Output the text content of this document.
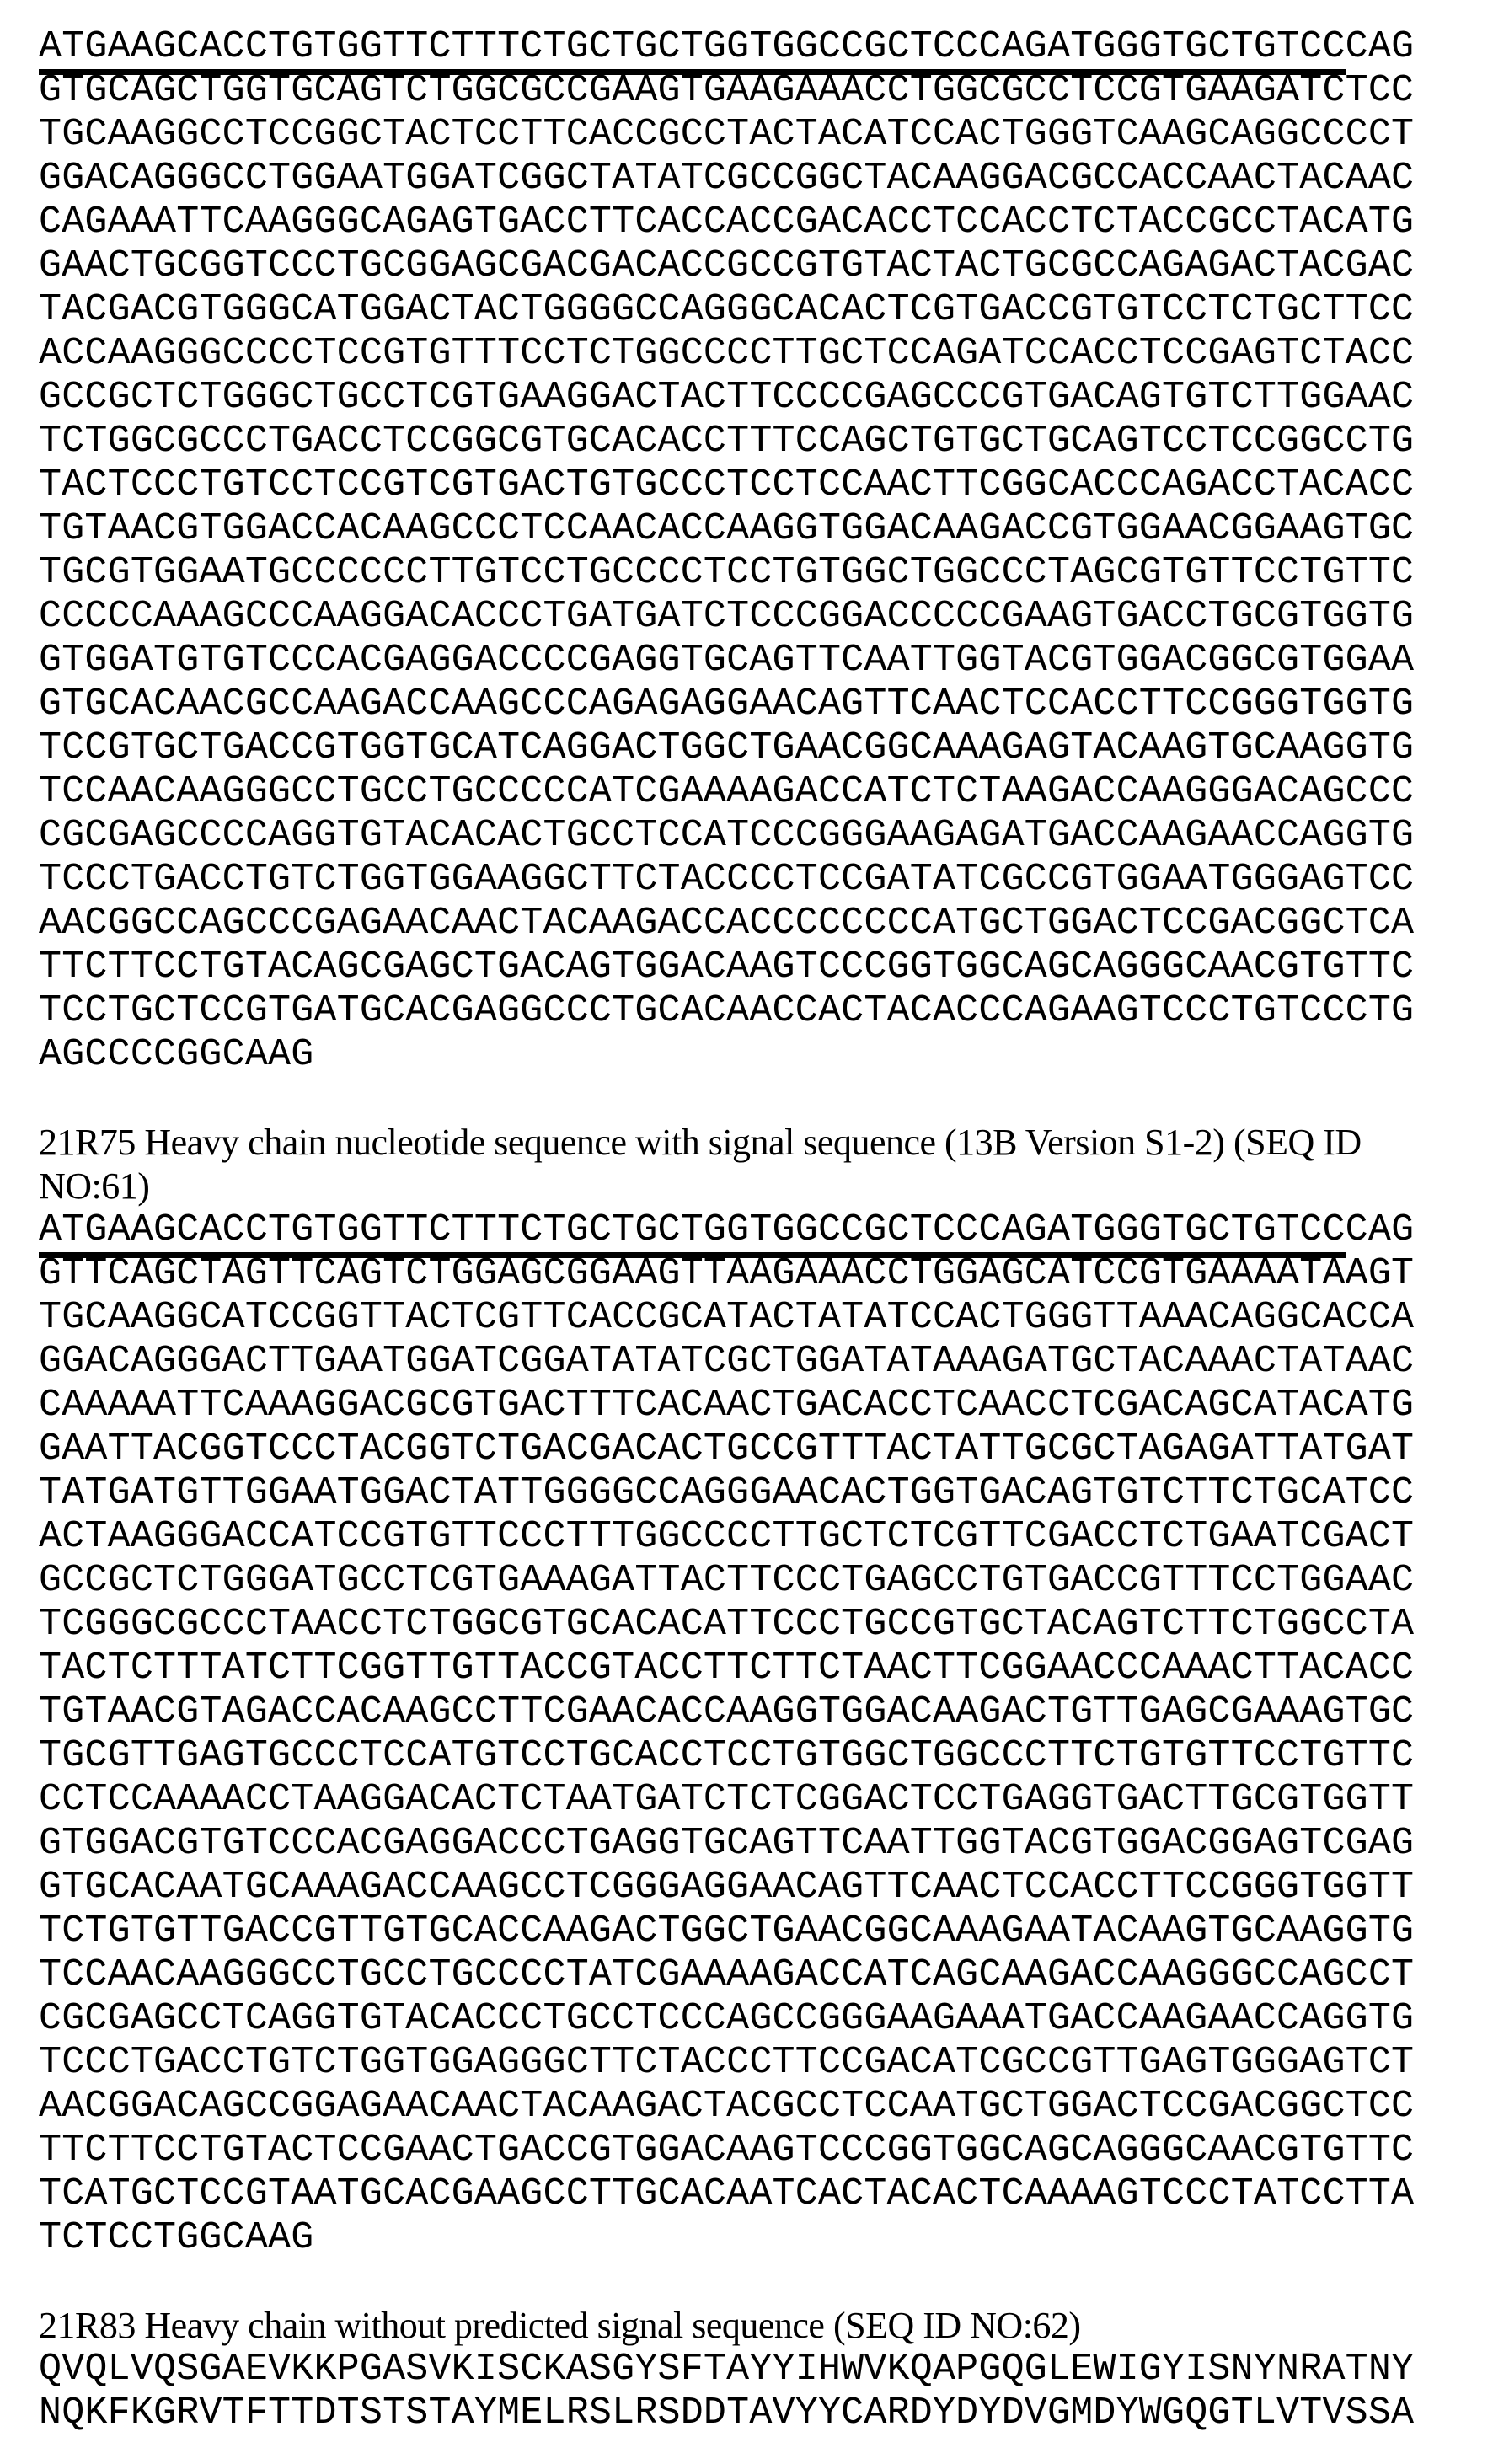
ATGAAGCACCTGTGGTTCTTTCTGCTGCTGGTGGCCGCTCCCAGATGGGTGCTGTCCCAG
GTGCAGCTGGTGCAGTCTGGCGCCGAAGTGAAGAAACCTGGCGCCTCCGTGAAGATCTCC
TGCAAGGCCTCCGGCTACTCCTTCACCGCCTACTACATCCACTGGGTCAAGCAGGCCCCT
GGACAGGGCCTGGAATGGATCGGCTATATCGCCGGCTACAAGGACGCCACCAACTACAAC
CAGAAATTCAAGGGCAGAGTGACCTTCACCACCGACACCTCCACCTCTACCGCCTACATG
GAACTGCGGTCCCTGCGGAGCGACGACACCGCCGTGTACTACTGCGCCAGAGACTACGAC
TACGACGTGGGCATGGACTACTGGGGCCAGGGCACACTCGTGACCGTGTCCTCTGCTTCC
ACCAAGGGCCCCTCCGTGTTTCCTCTGGCCCCTTGCTCCAGATCCACCTCCGAGTCTACC
GCCGCTCTGGGCTGCCTCGTGAAGGACTACTTCCCCGAGCCCGTGACAGTGTCTTGGAAC
TCTGGCGCCCTGACCTCCGGCGTGCACACCTTTCCAGCTGTGCTGCAGTCCTCCGGCCTG
TACTCCCTGTCCTCCGTCGTGACTGTGCCCTCCTCCAACTTCGGCACCCAGACCTACACC
TGTAACGTGGACCACAAGCCCTCCAACACCAAGGTGGACAAGACCGTGGAACGGAAGTGC
TGCGTGGAATGCCCCCCTTGTCCTGCCCCTCCTGTGGCTGGCCCTAGCGTGTTCCTGTTC
CCCCCAAAGCCCAAGGACACCCTGATGATCTCCCGGACCCCCGAAGTGACCTGCGTGGTG
GTGGATGTGTCCCACGAGGACCCCGAGGTGCAGTTCAATTGGTACGTGGACGGCGTGGAA
GTGCACAACGCCAAGACCAAGCCCAGAGAGGAACAGTTCAACTCCACCTTCCGGGTGGTG
TCCGTGCTGACCGTGGTGCATCAGGACTGGCTGAACGGCAAAGAGTACAAGTGCAAGGTG
TCCAACAAGGGCCTGCCTGCCCCCATCGAAAAGACCATCTCTAAGACCAAGGGACAGCCC
CGCGAGCCCCAGGTGTACACACTGCCTCCATCCCGGGAAGAGATGACCAAGAACCAGGTG
TCCCTGACCTGTCTGGTGGAAGGCTTCTACCCCTCCGATATCGCCGTGGAATGGGAGTCC
AACGGCCAGCCCGAGAACAACTACAAGACCACCCCCCCCATGCTGGACTCCGACGGCTCA
TTCTTCCTGTACAGCGAGCTGACAGTGGACAAGTCCCGGTGGCAGCAGGGCAACGTGTTC
TCCTGCTCCGTGATGCACGAGGCCCTGCACAACCACTACACCCAGAAGTCCCTGTCCCTG
AGCCCCGGCAAG
21R75 Heavy chain nucleotide sequence with signal sequence (13B Version S1-2) (SEQ ID
NO:61)
ATGAAGCACCTGTGGTTCTTTCTGCTGCTGGTGGCCGCTCCCAGATGGGTGCTGTCCCAG
GTTCAGCTAGTTCAGTCTGGAGCGGAAGTTAAGAAACCTGGAGCATCCGTGAAAATAAGT
TGCAAGGCATCCGGTTACTCGTTCACCGCATACTATATCCACTGGGTTAAACAGGCACCA
GGACAGGGACTTGAATGGATCGGATATATCGCTGGATATAAAGATGCTACAAACTATAAC
CAAAAATTCAAAGGACGCGTGACTTTCACAACTGACACCTCAACCTCGACAGCATACATG
GAATTACGGTCCCTACGGTCTGACGACACTGCCGTTTACTATTGCGCTAGAGATTATGAT
TATGATGTTGGAATGGACTATTGGGGCCAGGGAACACTGGTGACAGTGTCTTCTGCATCC
ACTAAGGGACCATCCGTGTTCCCTTTGGCCCCTTGCTCTCGTTCGACCTCTGAATCGACT
GCCGCTCTGGGATGCCTCGTGAAAGATTACTTCCCTGAGCCTGTGACCGTTTCCTGGAAC
TCGGGCGCCCTAACCTCTGGCGTGCACACATTCCCTGCCGTGCTACAGTCTTCTGGCCTA
TACTCTTTATCTTCGGTTGTTACCGTACCTTCTTCTAACTTCGGAACCCAAACTTACACC
TGTAACGTAGACCACAAGCCTTCGAACACCAAGGTGGACAAGACTGTTGAGCGAAAGTGC
TGCGTTGAGTGCCCTCCATGTCCTGCACCTCCTGTGGCTGGCCCTTCTGTGTTCCTGTTC
CCTCCAAAACCTAAGGACACTCTAATGATCTCTCGGACTCCTGAGGTGACTTGCGTGGTT
GTGGACGTGTCCCACGAGGACCCTGAGGTGCAGTTCAATTGGTACGTGGACGGAGTCGAG
GTGCACAATGCAAAGACCAAGCCTCGGGAGGAACAGTTCAACTCCACCTTCCGGGTGGTT
TCTGTGTTGACCGTTGTGCACCAAGACTGGCTGAACGGCAAAGAATACAAGTGCAAGGTG
TCCAACAAGGGCCTGCCTGCCCCTATCGAAAAGACCATCAGCAAGACCAAGGGCCAGCCT
CGCGAGCCTCAGGTGTACACCCTGCCTCCCAGCCGGGAAGAAATGACCAAGAACCAGGTG
TCCCTGACCTGTCTGGTGGAGGGCTTCTACCCTTCCGACATCGCCGTTGAGTGGGAGTCT
AACGGACAGCCGGAGAACAACTACAAGACTACGCCTCCAATGCTGGACTCCGACGGCTCC
TTCTTCCTGTACTCCGAACTGACCGTGGACAAGTCCCGGTGGCAGCAGGGCAACGTGTTC
TCATGCTCCGTAATGCACGAAGCCTTGCACAATCACTACACTCAAAAGTCCCTATCCTTA
TCTCCTGGCAAG
21R83 Heavy chain without predicted signal sequence (SEQ ID NO:62)
QVQLVQSGAEVKKPGASVKISCKASGYSFTAYYIHWVKQAPGQGLEWIGYISNYNRATNY
NQKFKGRVTFTTDTSTSTAYMELRSLRSDDTAVYYCARDYDYDVGMDYWGQGTLVTVSSA
